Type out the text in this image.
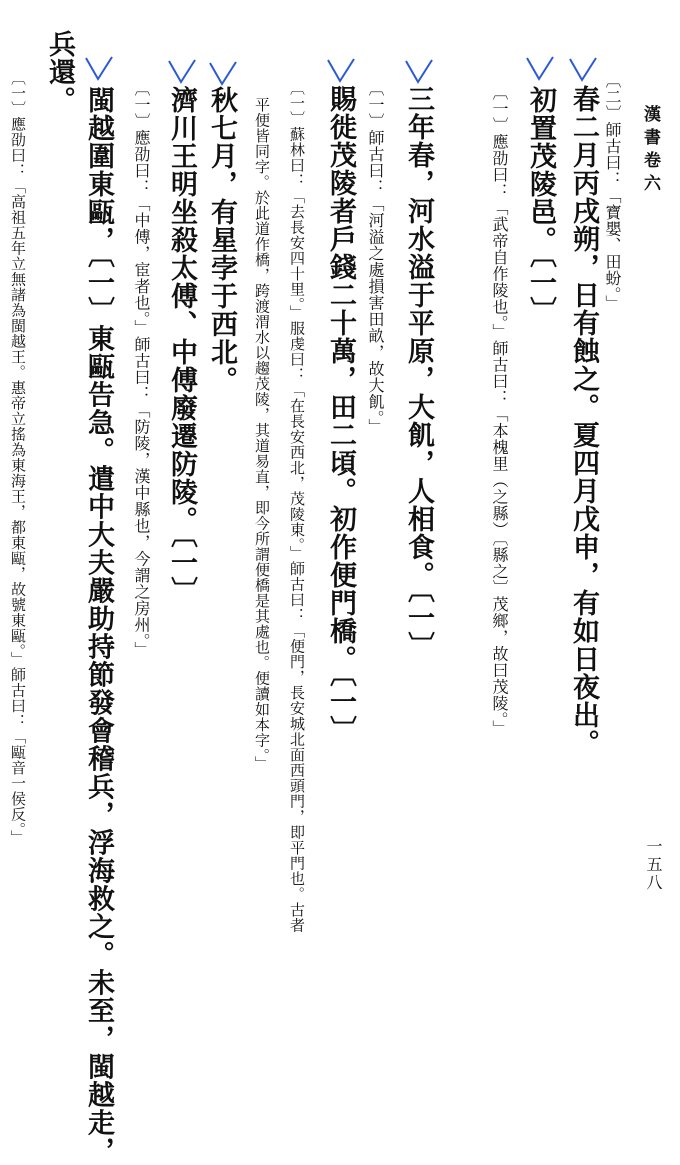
漢書卷六
一五八
〔二〕師古曰：「寶嬰、田蚡。」
春二月丙戌朔，日有蝕之。夏四月戊申，有如日夜出。
初置茂陵邑。〔一〕
〔一〕應劭曰：「武帝自作陵也。」師古曰：「本槐里（之縣）〔縣之〕茂鄉，故曰茂陵。」
三年春，河水溢于平原，大飢，人相食。〔一〕
〔一〕師古曰：「河溢之處損害田畝，故大飢。」
賜徙茂陵者戶錢二十萬，田二頃。初作便門橋。〔一〕
〔一〕蘇林曰：「去長安四十里。」服虔曰：「在長安西北，茂陵東。」師古曰：「便門，長安城北面西頭門，即平門也。古者
平便皆同字。於此道作橋，跨渡渭水以趨茂陵，其道易直，即今所謂便橋是其處也。便讀如本字。」
秋七月，有星孛于西北。
濟川王明坐殺太傅、中傅廢遷防陵。〔一〕
〔一〕應劭曰：「中傅，宦者也。」師古曰：「防陵，漢中縣也，今謂之房州。」
閩越圍東甌，〔一〕東甌告急。遣中大夫嚴助持節發會稽兵，浮海救之。未至，閩越走，
兵還。
〔一〕應劭曰：「高祖五年立無諸為閩越王。惠帝立搖為東海王，都東甌，故號東甌。」師古曰：「甌音一侯反。」
